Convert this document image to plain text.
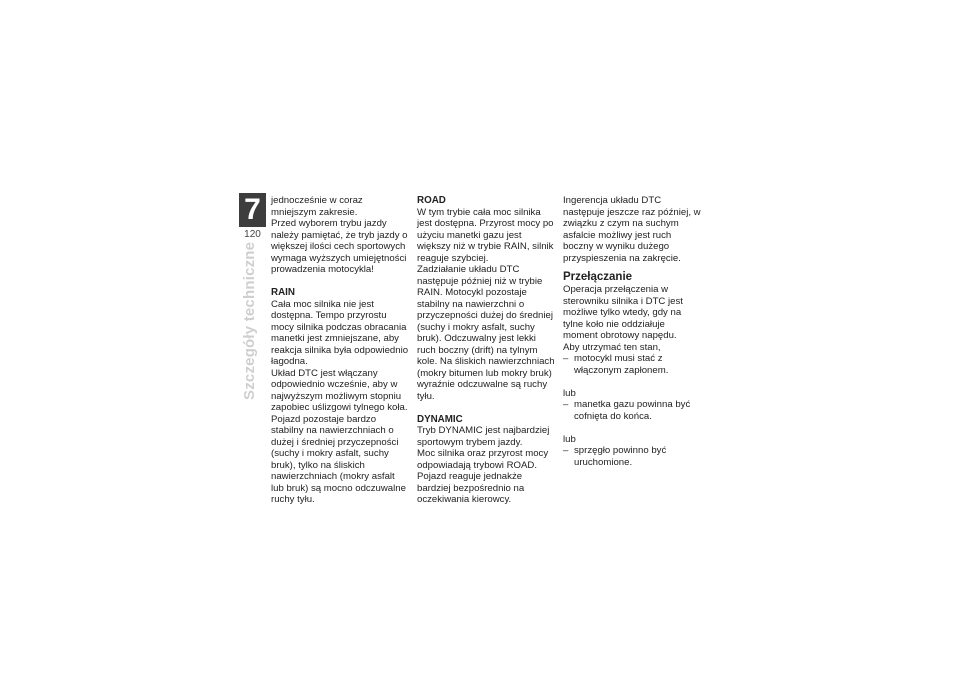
7
120
Szczegóły techniczne

jednocześnie w coraz mniejszym zakresie.

Przed wyborem trybu jazdy należy pamiętać, że tryb jazdy o większej ilości cech sportowych wymaga wyższych umiejętności prowadzenia motocykla!

RAIN

Cała moc silnika nie jest dostępna. Tempo przyrostu mocy silnika podczas obracania manetki jest zmniejszane, aby reakcja silnika była odpowiednio łagodna.

Układ DTC jest włączany odpowiednio wcześnie, aby w najwyższym możliwym stopniu zapobiec uślizgowi tylnego koła. Pojazd pozostaje bardzo stabilny na nawierzchniach o dużej i średniej przyczepności (suchy i mokry asfalt, suchy bruk), tylko na śliskich nawierzchniach (mokry asfalt lub bruk) są mocno odczuwalne ruchy tyłu.

ROAD

W tym trybie cała moc silnika jest dostępna. Przyrost mocy po użyciu manetki gazu jest większy niż w trybie RAIN, silnik reaguje szybciej.

Zadziałanie układu DTC następuje później niż w trybie RAIN. Motocykl pozostaje stabilny na nawierzchni o przyczepności dużej do średniej (suchy i mokry asfalt, suchy bruk). Odczuwalny jest lekki ruch boczny (drift) na tylnym kole. Na śliskich nawierzchniach (mokry bitumen lub mokry bruk) wyraźnie odczuwalne są ruchy tyłu.

DYNAMIC

Tryb DYNAMIC jest najbardziej sportowym trybem jazdy.

Moc silnika oraz przyrost mocy odpowiadają trybowi ROAD. Pojazd reaguje jednakże bardziej bezpośrednio na oczekiwania kierowcy.

Ingerencja układu DTC następuje jeszcze raz później, w związku z czym na suchym asfalcie możliwy jest ruch boczny w wyniku dużego przyspieszenia na zakręcie.

Przełączanie

Operacja przełączenia w sterowniku silnika i DTC jest możliwe tylko wtedy, gdy na tylne koło nie oddziałuje moment obrotowy napędu.

Aby utrzymać ten stan,

– motocykl musi stać z włączonym zapłonem.

lub

– manetka gazu powinna być cofnięta do końca.

lub

– sprzęgło powinno być uruchomione.
